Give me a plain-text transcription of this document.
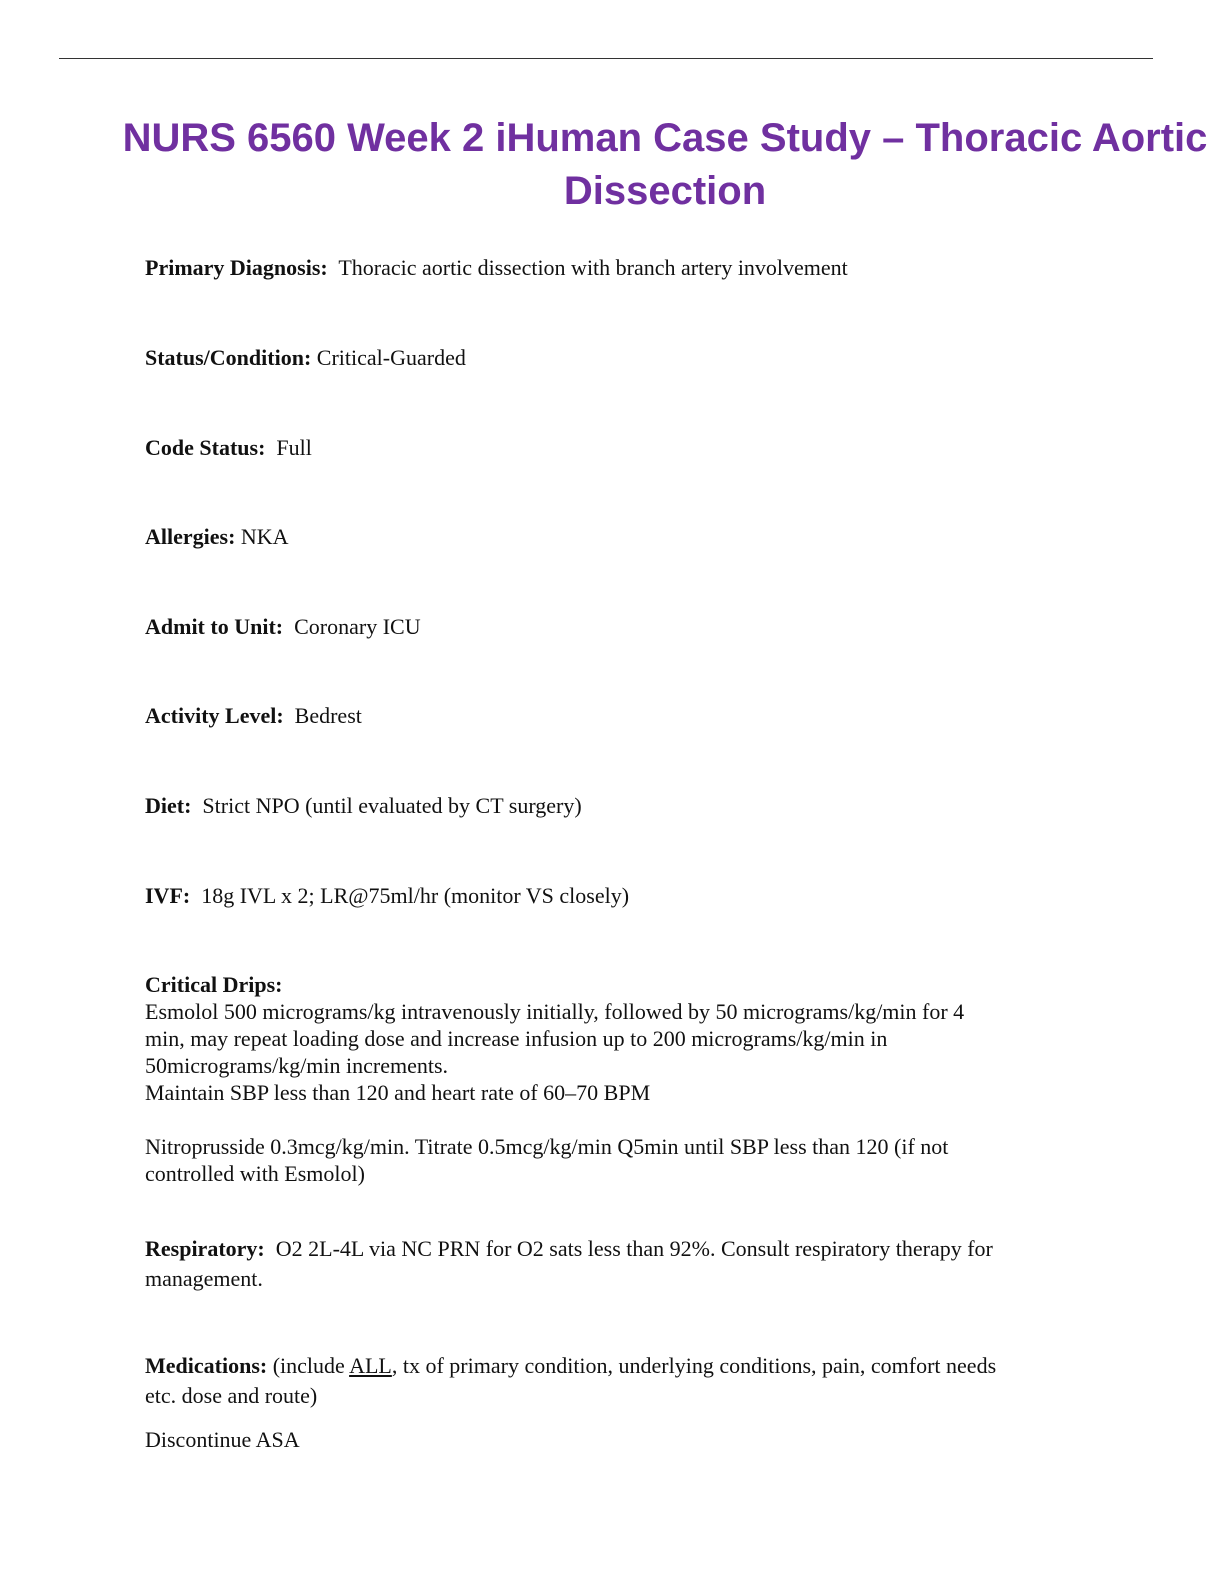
NURS 6560 Week 2 iHuman Case Study – Thoracic Aortic
Dissection
Primary Diagnosis: Thoracic aortic dissection with branch artery involvement
Status/Condition: Critical-Guarded
Code Status: Full
Allergies: NKA
Admit to Unit: Coronary ICU
Activity Level: Bedrest
Diet: Strict NPO (until evaluated by CT surgery)
IVF: 18g IVL x 2; LR@75ml/hr (monitor VS closely)

Critical Drips:

Esmolol 500 micrograms/kg intravenously initially, followed by 50 micrograms/kg/min for 4

min, may repeat loading dose and increase infusion up to 200 micrograms/kg/min in

50micrograms/kg/min increments.

Maintain SBP less than 120 and heart rate of 60–70 BPM

Nitroprusside 0.3mcg/kg/min. Titrate 0.5mcg/kg/min Q5min until SBP less than 120 (if not

controlled with Esmolol)

Respiratory: O2 2L-4L via NC PRN for O2 sats less than 92%. Consult respiratory therapy for

management.

Medications: (include ALL, tx of primary condition, underlying conditions, pain, comfort needs

etc. dose and route)

Discontinue ASA
